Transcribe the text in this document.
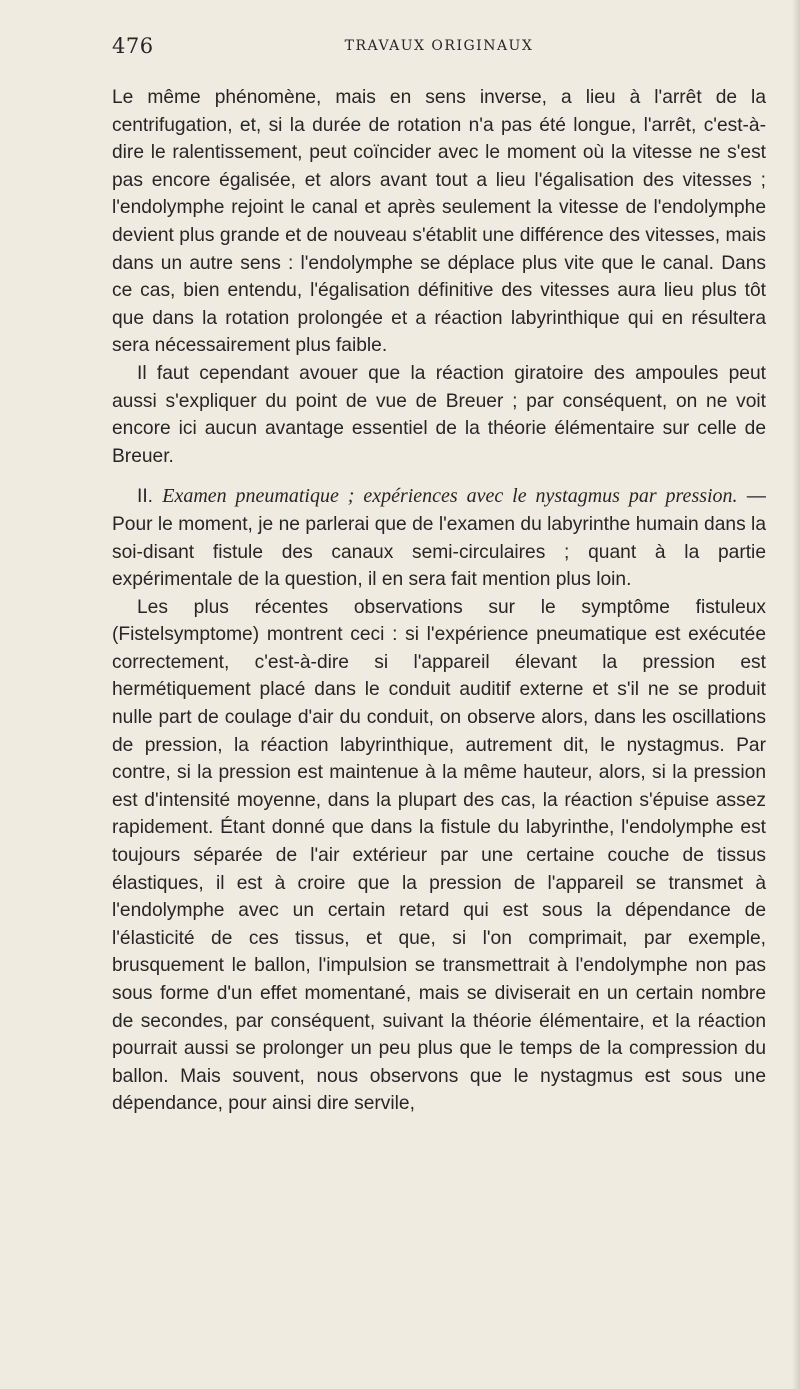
476	TRAVAUX ORIGINAUX

Le même phénomène, mais en sens inverse, a lieu à l'arrêt de la centrifugation, et, si la durée de rotation n'a pas été longue, l'arrêt, c'est-à-dire le ralentissement, peut coïncider avec le moment où la vitesse ne s'est pas encore égalisée, et alors avant tout a lieu l'égalisation des vitesses ; l'endolymphe rejoint le canal et après seulement la vitesse de l'endolymphe devient plus grande et de nouveau s'établit une différence des vitesses, mais dans un autre sens : l'endolymphe se déplace plus vite que le canal. Dans ce cas, bien entendu, l'égalisation définitive des vitesses aura lieu plus tôt que dans la rotation prolongée et a réaction labyrinthique qui en résultera sera nécessairement plus faible.

Il faut cependant avouer que la réaction giratoire des ampoules peut aussi s'expliquer du point de vue de Breuer ; par conséquent, on ne voit encore ici aucun avantage essentiel de la théorie élémentaire sur celle de Breuer.

II. Examen pneumatique ; expériences avec le nystagmus par pression. — Pour le moment, je ne parlerai que de l'examen du labyrinthe humain dans la soi-disant fistule des canaux semi-circulaires ; quant à la partie expérimentale de la question, il en sera fait mention plus loin.

Les plus récentes observations sur le symptôme fistuleux (Fistelsymptome) montrent ceci : si l'expérience pneumatique est exécutée correctement, c'est-à-dire si l'appareil élevant la pression est hermétiquement placé dans le conduit auditif externe et s'il ne se produit nulle part de coulage d'air du conduit, on observe alors, dans les oscillations de pression, la réaction labyrinthique, autrement dit, le nystagmus. Par contre, si la pression est maintenue à la même hauteur, alors, si la pression est d'intensité moyenne, dans la plupart des cas, la réaction s'épuise assez rapidement. Étant donné que dans la fistule du labyrinthe, l'endolymphe est toujours séparée de l'air extérieur par une certaine couche de tissus élastiques, il est à croire que la pression de l'appareil se transmet à l'endolymphe avec un certain retard qui est sous la dépendance de l'élasticité de ces tissus, et que, si l'on comprimait, par exemple, brusquement le ballon, l'impulsion se transmettrait à l'endolymphe non pas sous forme d'un effet momentané, mais se diviserait en un certain nombre de secondes, par conséquent, suivant la théorie élémentaire, et la réaction pourrait aussi se prolonger un peu plus que le temps de la compression du ballon. Mais souvent, nous observons que le nystagmus est sous une dépendance, pour ainsi dire servile,
